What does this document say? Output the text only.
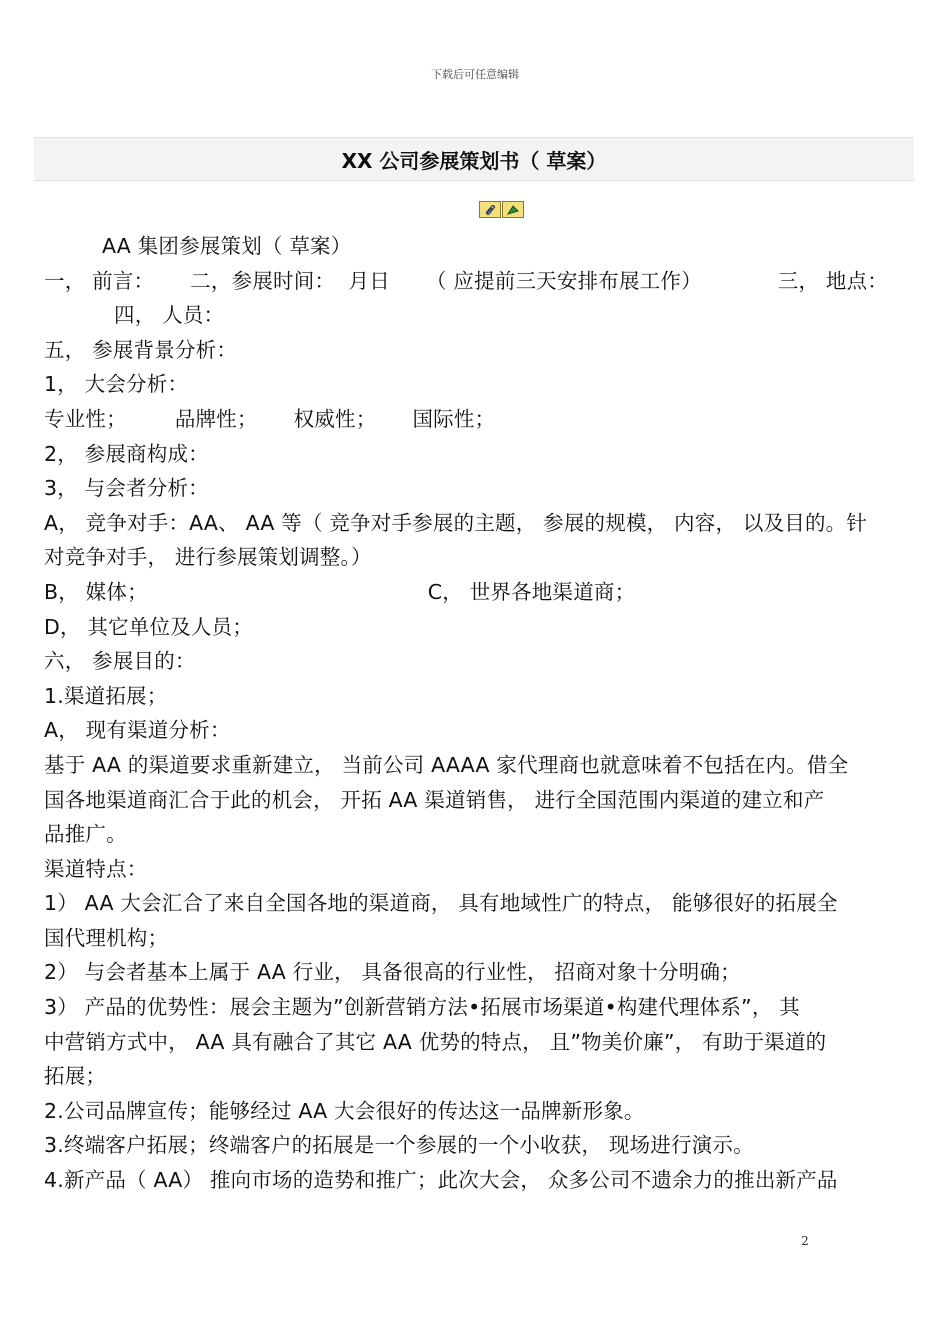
下载后可任意编辑
XX 公司参展策划书（ 草案）
AA 集团参展策划（ 草案）
一， 前言： 二，参展时间：  月日 （ 应提前三天安排布展工作）	三， 地点：
四， 人员：
五， 参展背景分析：
1， 大会分析：
专业性； 品牌性； 权威性； 国际性；
2， 参展商构成：
3， 与会者分析：
A， 竞争对手：AA、 AA 等（ 竞争对手参展的主题， 参展的规模， 内容， 以及目的。针
对竞争对手， 进行参展策划调整。）
B， 媒体；	C， 世界各地渠道商；
D， 其它单位及人员；
六， 参展目的：
1.渠道拓展；
A， 现有渠道分析：
基于 AA 的渠道要求重新建立， 当前公司 AAAA 家代理商也就意味着不包括在内。借全
国各地渠道商汇合于此的机会， 开拓 AA 渠道销售， 进行全国范围内渠道的建立和产
品推广。
渠道特点：
1） AA 大会汇合了来自全国各地的渠道商， 具有地域性广的特点， 能够很好的拓展全
国代理机构；
2） 与会者基本上属于 AA 行业， 具备很高的行业性， 招商对象十分明确；
3） 产品的优势性：展会主题为”创新营销方法•拓展市场渠道•构建代理体系”， 其
中营销方式中， AA 具有融合了其它 AA 优势的特点， 且”物美价廉”， 有助于渠道的
拓展；
2.公司品牌宣传；能够经过 AA 大会很好的传达这一品牌新形象。
3.终端客户拓展；终端客户的拓展是一个参展的一个小收获， 现场进行演示。
4.新产品（ AA） 推向市场的造势和推广；此次大会， 众多公司不遗余力的推出新产品
2
